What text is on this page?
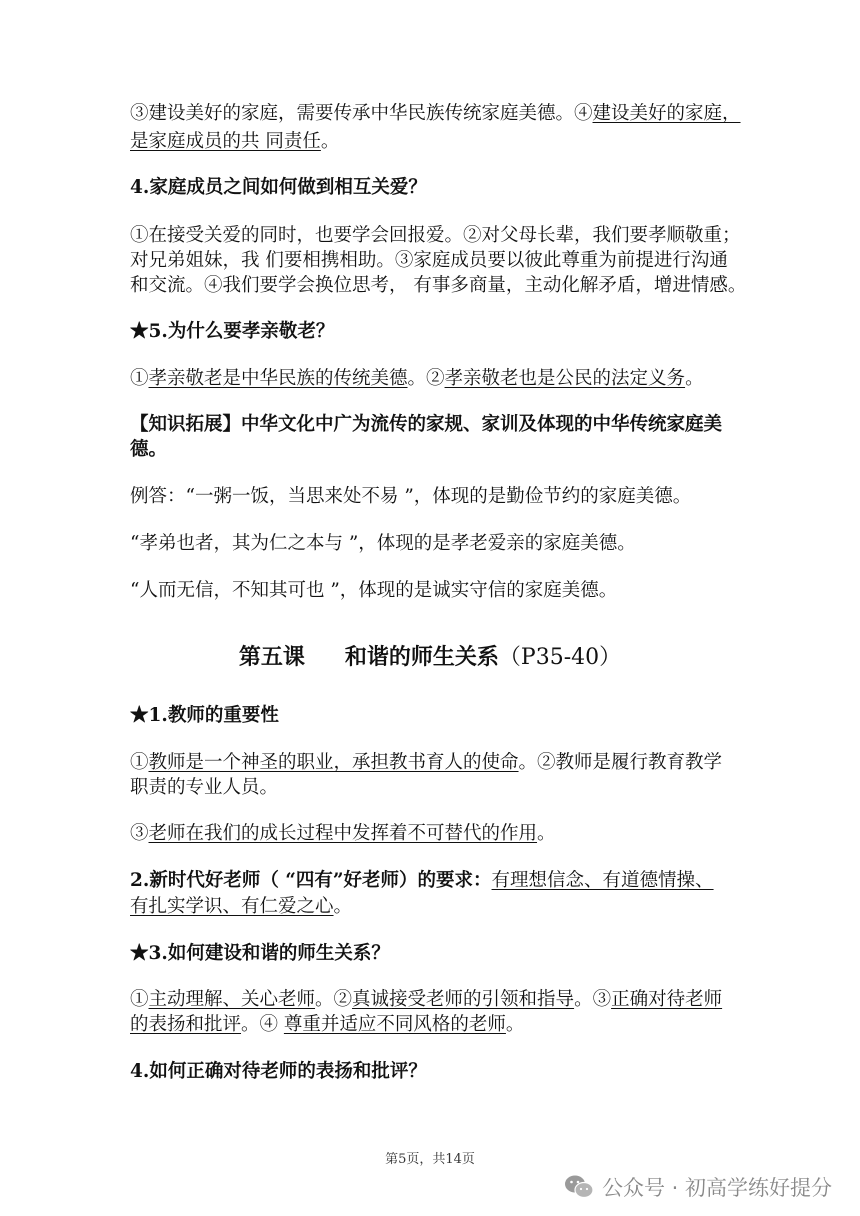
③建设美好的家庭，需要传承中华民族传统家庭美德。④建设美好的家庭，
是家庭成员的共 同责任。
4.家庭成员之间如何做到相互关爱？
①在接受关爱的同时，也要学会回报爱。②对父母长辈，我们要孝顺敬重；
对兄弟姐妹，我 们要相携相助。③家庭成员要以彼此尊重为前提进行沟通
和交流。④我们要学会换位思考， 有事多商量，主动化解矛盾，增进情感。
★5.为什么要孝亲敬老？
①孝亲敬老是中华民族的传统美德。②孝亲敬老也是公民的法定义务。
【知识拓展】中华文化中广为流传的家规、家训及体现的中华传统家庭美
德。
例答：“一粥一饭，当思来处不易 ”，体现的是勤俭节约的家庭美德。
“孝弟也者，其为仁之本与 ”，体现的是孝老爱亲的家庭美德。
“人而无信，不知其可也 ”，体现的是诚实守信的家庭美德。
★1.教师的重要性
①教师是一个神圣的职业，承担教书育人的使命。②教师是履行教育教学
职责的专业人员。
③老师在我们的成长过程中发挥着不可替代的作用。
2.新时代好老师（ “四有”好老师）的要求：有理想信念、有道德情操、
有扎实学识、有仁爱之心。
★3.如何建设和谐的师生关系？
①主动理解、关心老师。②真诚接受老师的引领和指导。③正确对待老师
的表扬和批评。④ 尊重并适应不同风格的老师。
4.如何正确对待老师的表扬和批评？
第五课 和谐的师生关系（P35-40）
第5页，共14页
公众号 · 初高学练好提分
